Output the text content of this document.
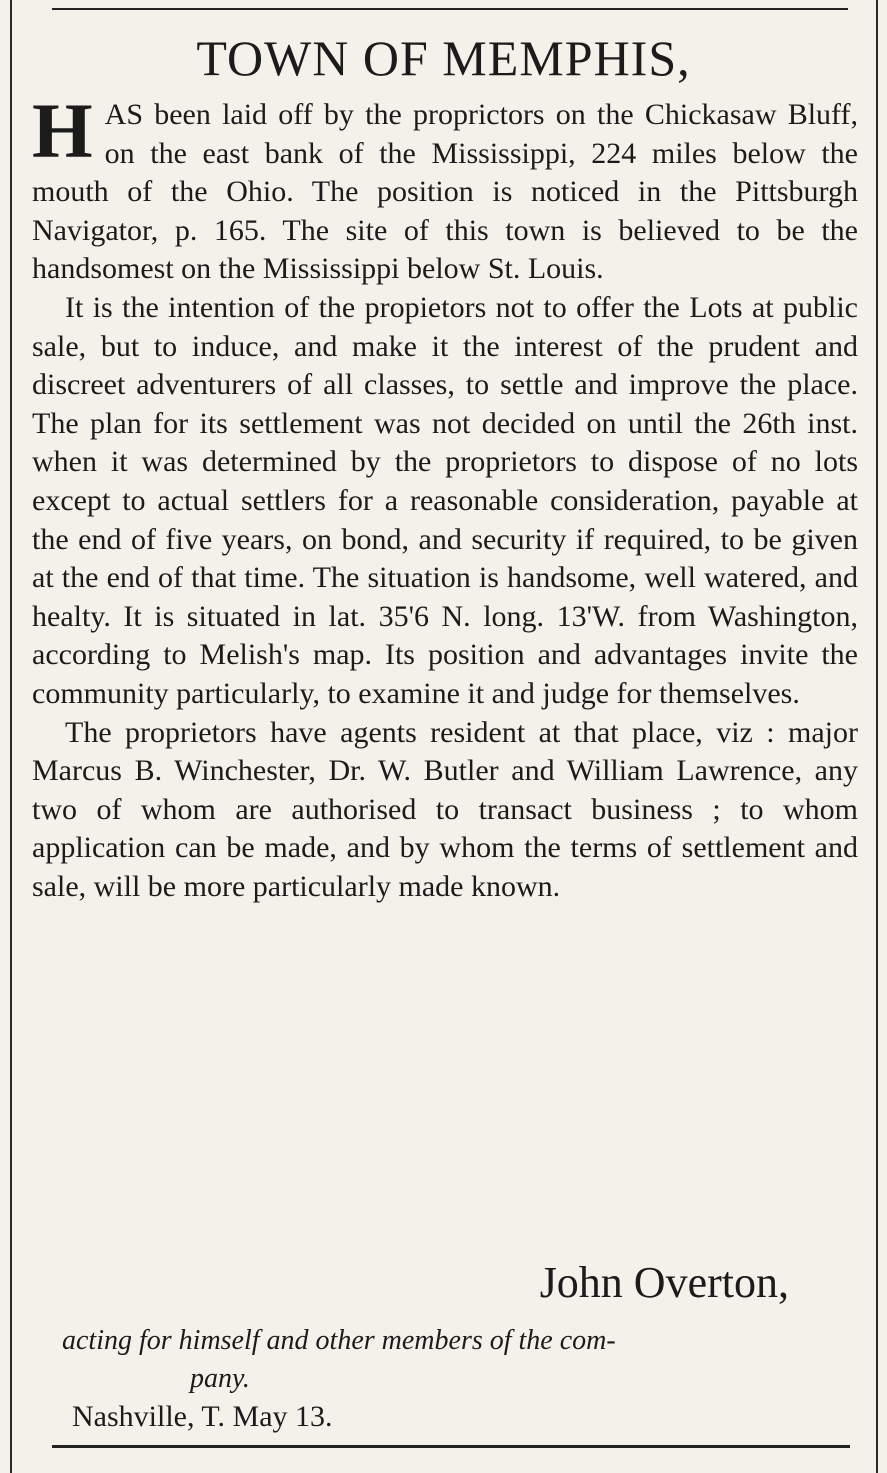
TOWN OF MEMPHIS,

HAS been laid off by the proprictors on the Chickasaw Bluff, on the east bank of the Mississippi, 224 miles below the mouth of the Ohio. The position is noticed in the Pittsburgh Navigator, p. 165. The site of this town is believed to be the handsomest on the Mississippi below St. Louis.

It is the intention of the propietors not to offer the Lots at public sale, but to induce, and make it the interest of the prudent and discreet adventurers of all classes, to settle and improve the place. The plan for its settlement was not decided on until the 26th inst. when it was determined by the proprietors to dispose of no lots except to actual settlers for a reasonable consideration, payable at the end of five years, on bond, and security if required, to be given at the end of that time. The situation is handsome, well watered, and healty. It is situated in lat. 35'6 N. long. 13'W. from Washington, according to Melish's map. Its position and advantages invite the community particularly, to examine it and judge for themselves.

The proprietors have agents resident at that place, viz : major Marcus B. Winchester, Dr. W. Butler and William Lawrence, any two of whom are authorised to transact business ; to whom application can be made, and by whom the terms of settlement and sale, will be more particularly made known.

John Overton,
acting for himself and other members of the com-
pany.
Nashville, T. May 13.
